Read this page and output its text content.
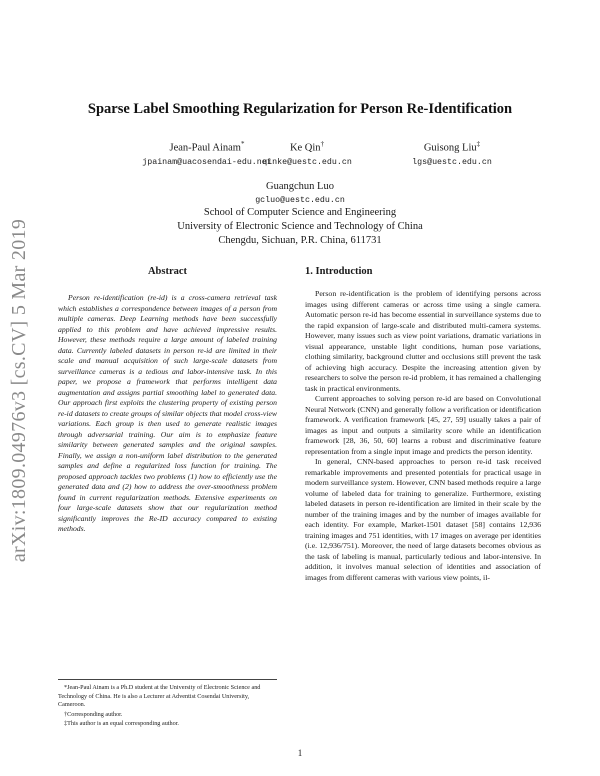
arXiv:1809.04976v3 [cs.CV] 5 Mar 2019
Sparse Label Smoothing Regularization for Person Re-Identification
Jean-Paul Ainam*
jpainam@uacosendai-edu.net
Ke Qin†
qinke@uestc.edu.cn
Guisong Liu‡
lgs@uestc.edu.cn
Guangchun Luo
gcluo@uestc.edu.cn
School of Computer Science and Engineering
University of Electronic Science and Technology of China
Chengdu, Sichuan, P.R. China, 611731
Abstract

Person re-identification (re-id) is a cross-camera retrieval task which establishes a correspondence between images of a person from multiple cameras. Deep Learning methods have been successfully applied to this problem and have achieved impressive results. However, these methods require a large amount of labeled training data. Currently labeled datasets in person re-id are limited in their scale and manual acquisition of such large-scale datasets from surveillance cameras is a tedious and labor-intensive task. In this paper, we propose a framework that performs intelligent data augmentation and assigns partial smoothing label to generated data. Our approach first exploits the clustering property of existing person re-id datasets to create groups of similar objects that model cross-view variations. Each group is then used to generate realistic images through adversarial training. Our aim is to emphasize feature similarity between generated samples and the original samples. Finally, we assign a non-uniform label distribution to the generated samples and define a regularized loss function for training. The proposed approach tackles two problems (1) how to efficiently use the generated data and (2) how to address the over-smoothness problem found in current regularization methods. Extensive experiments on four large-scale datasets show that our regularization method significantly improves the Re-ID accuracy compared to existing methods.

1. Introduction

Person re-identification is the problem of identifying persons across images using different cameras or across time using a single camera. Automatic person re-id has become essential in surveillance systems due to the rapid expansion of large-scale and distributed multi-camera systems. However, many issues such as view point variations, dramatic variations in visual appearance, unstable light conditions, human pose variations, clothing similarity, background clutter and occlusions still prevent the task of achieving high accuracy. Despite the increasing attention given by researchers to solve the person re-id problem, it has remained a challenging task in practical environments.

Current approaches to solving person re-id are based on Convolutional Neural Network (CNN) and generally follow a verification or identification framework. A verification framework [45, 27, 59] usually takes a pair of images as input and outputs a similarity score while an identification framework [28, 36, 50, 60] learns a robust and discriminative feature representation from a single input image and predicts the person identity.

In general, CNN-based approaches to person re-id task received remarkable improvements and presented potentials for practical usage in modern surveillance system. However, CNN based methods require a large volume of labeled data for training to generalize. Furthermore, existing labeled datasets in person re-identification are limited in their scale by the number of the training images and by the number of images available for each identity. For example, Market-1501 dataset [58] contains 12,936 training images and 751 identities, with 17 images on average per identities (i.e. 12,936/751). Moreover, the need of large datasets becomes obvious as the task of labeling is manual, particularly tedious and labor-intensive. In addition, it involves manual selection of identities and association of images from different cameras with various view points, il-

*Jean-Paul Ainam is a Ph.D student at the University of Electronic Science and Technology of China. He is also a Lecturer at Adventist Cosendai University, Cameroon.

†Corresponding author.

‡This author is an equal corresponding author.

1
